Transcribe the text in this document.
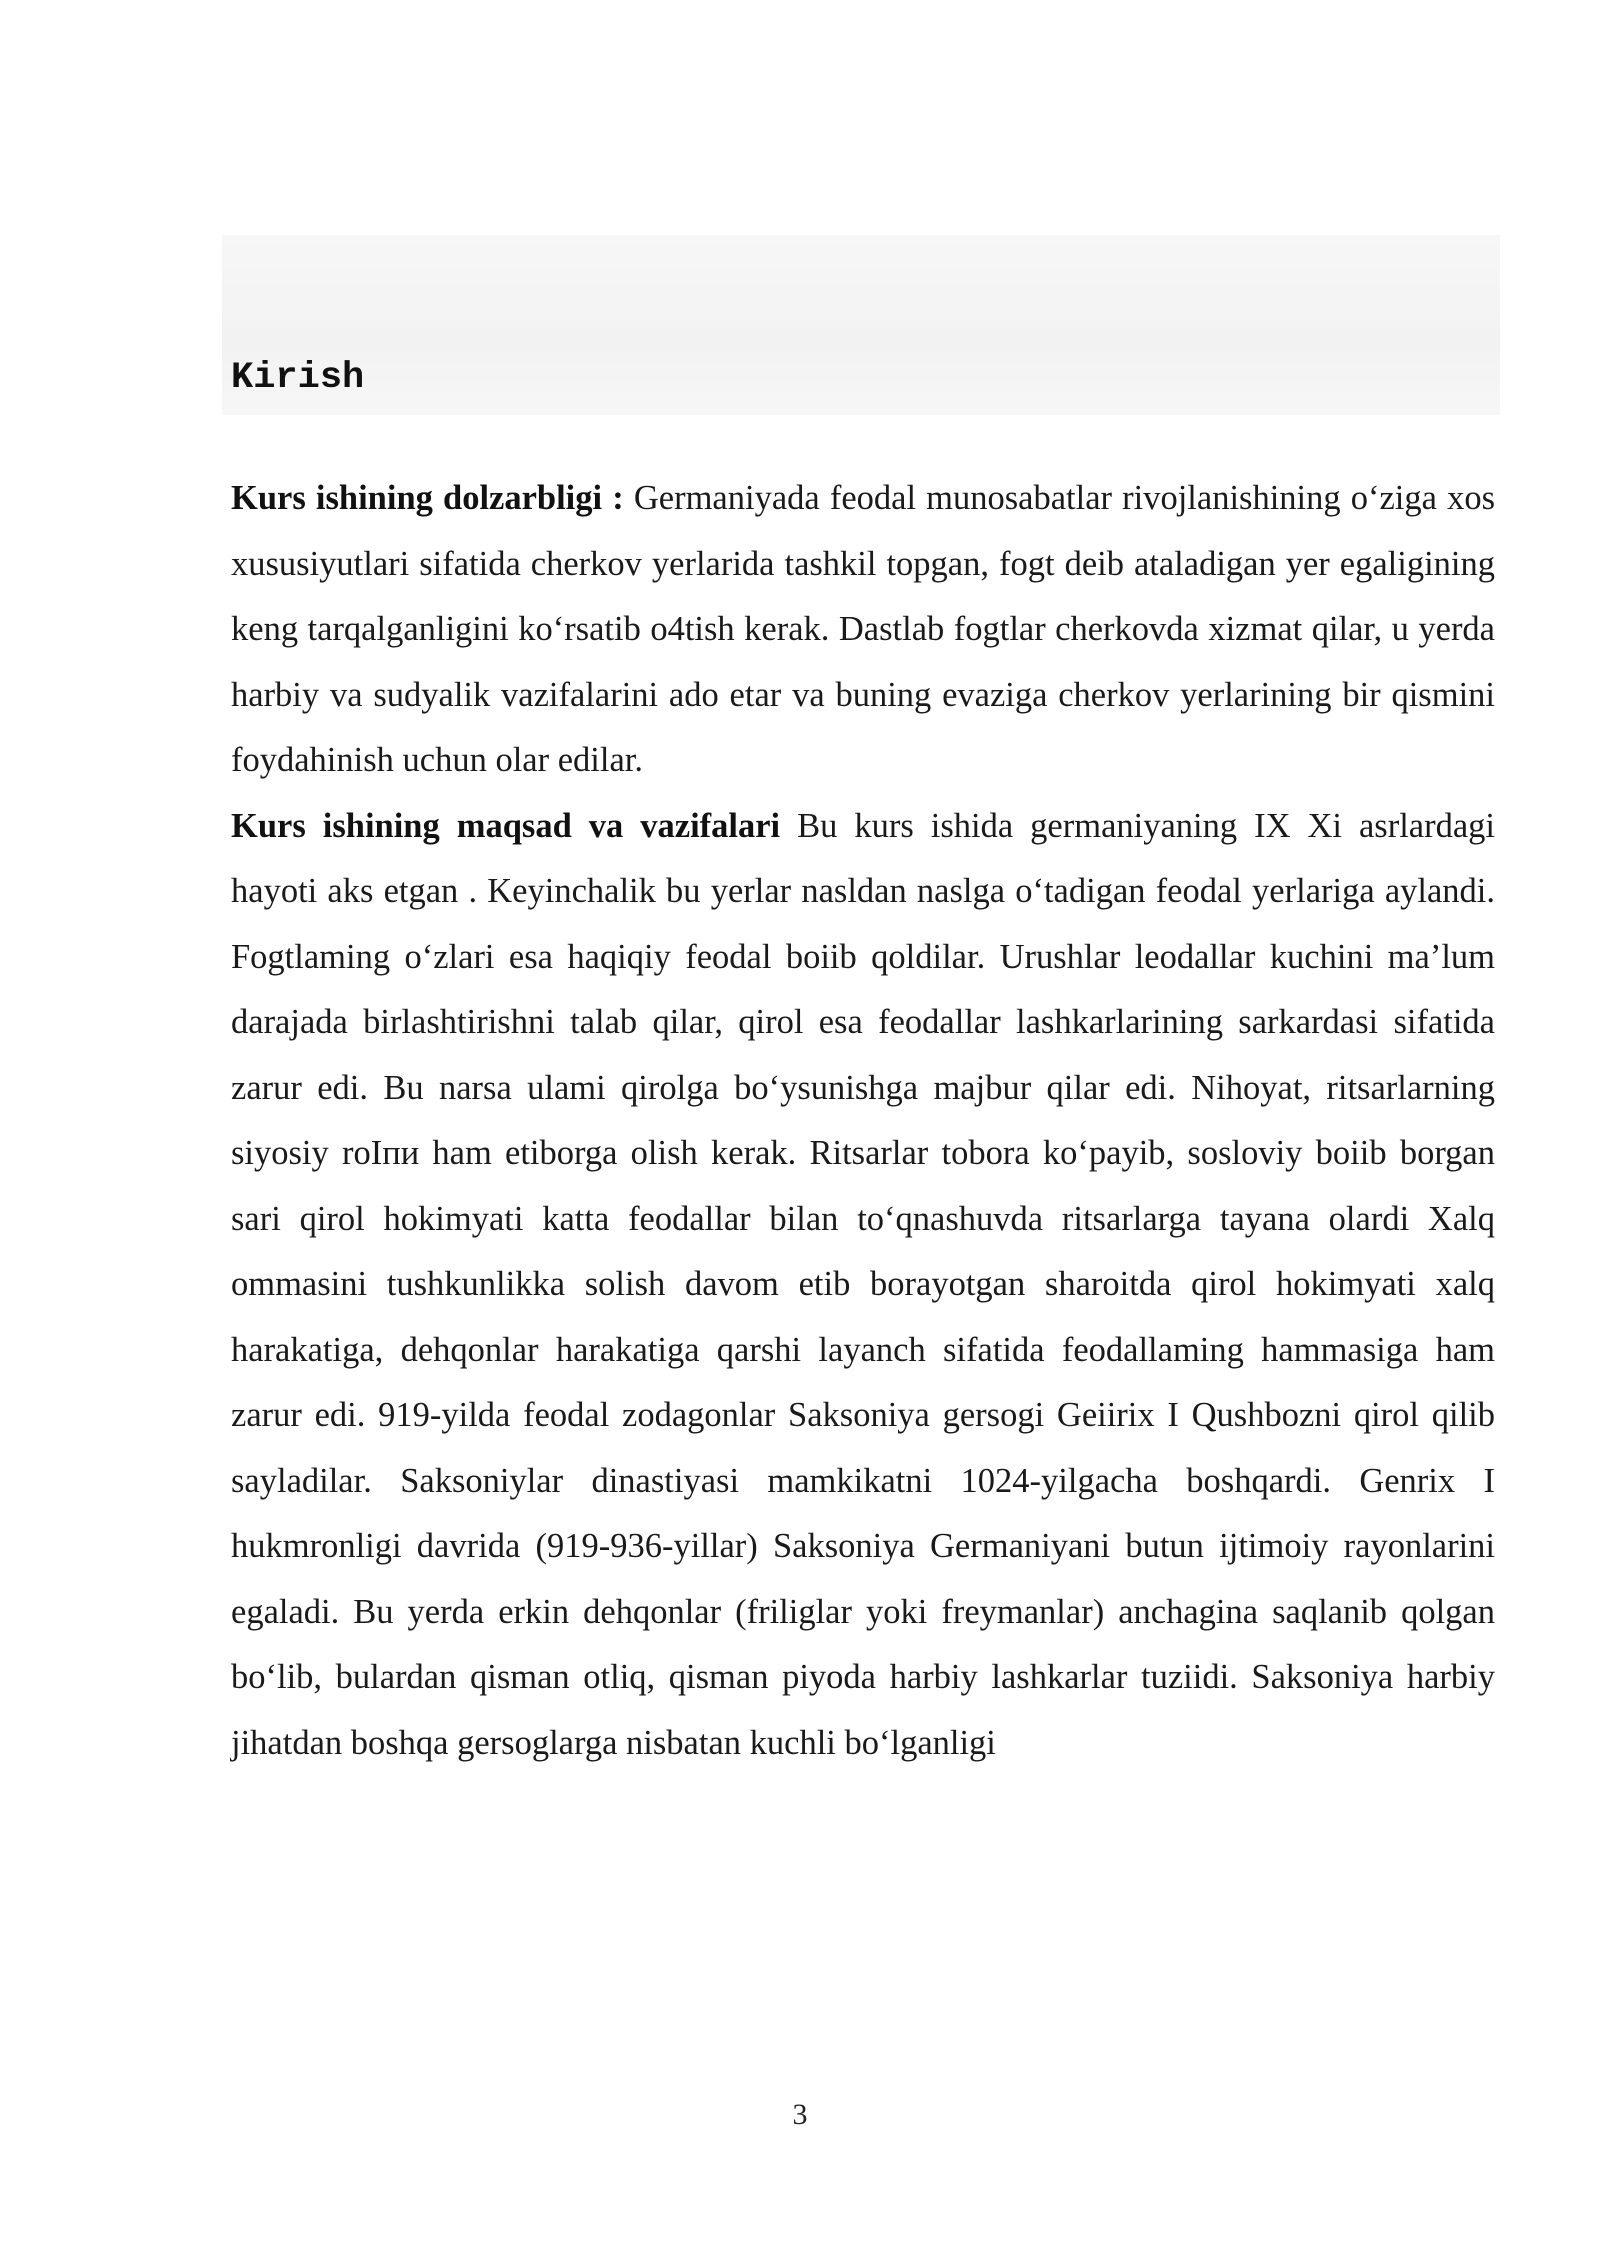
Kirish

Kurs ishining dolzarbligi : Germaniyada feodal munosabatlar rivojlanishining o‘ziga xos xususiyutlari sifatida cherkov yerlarida tashkil topgan, fogt deib ataladigan yer egaligining keng tarqalganligini ko‘rsatib o4tish kerak. Dastlab fogtlar cherkovda xizmat qilar, u yerda harbiy va sudyalik vazifalarini ado etar va buning evaziga cherkov yerlarining bir qismini foydahinish uchun olar edilar.

Kurs ishining maqsad va vazifalari Bu kurs ishida germaniyaning IX Xi asrlardagi hayoti aks etgan . Keyinchalik bu yerlar nasldan naslga o‘tadigan feodal yerlariga aylandi. Fogtlaming o‘zlari esa haqiqiy feodal boiib qoldilar. Urushlar leodallar kuchini ma’lum darajada birlashtirishni talab qilar, qirol esa feodallar lashkarlarining sarkardasi sifatida zarur edi. Bu narsa ulami qirolga bo‘ysunishga majbur qilar edi. Nihoyat, ritsarlarning siyosiy roIпи ham etiborga olish kerak. Ritsarlar tobora ko‘payib, sosloviy boiib borgan sari qirol hokimyati katta feodallar bilan to‘qnashuvda ritsarlarga tayana olardi Xalq ommasini tushkunlikka solish davom etib borayotgan sharoitda qirol hokimyati xalq harakatiga, dehqonlar harakatiga qarshi layanch sifatida feodallaming hammasiga ham zarur edi. 919-yilda feodal zodagonlar Saksoniya gersogi Geiirix I Qushbozni qirol qilib sayladilar. Saksoniylar dinastiyasi mamkikatni 1024-yilgacha boshqardi. Genrix I hukmronligi davrida (919-936-yillar) Saksoniya Germaniyani butun ijtimoiy rayonlarini egaladi. Bu yerda erkin dehqonlar (friliglar yoki freymanlar) anchagina saqlanib qolgan bo‘lib, bulardan qisman otliq, qisman piyoda harbiy lashkarlar tuziidi. Saksoniya harbiy jihatdan boshqa gersoglarga nisbatan kuchli bo‘lganligi

3
